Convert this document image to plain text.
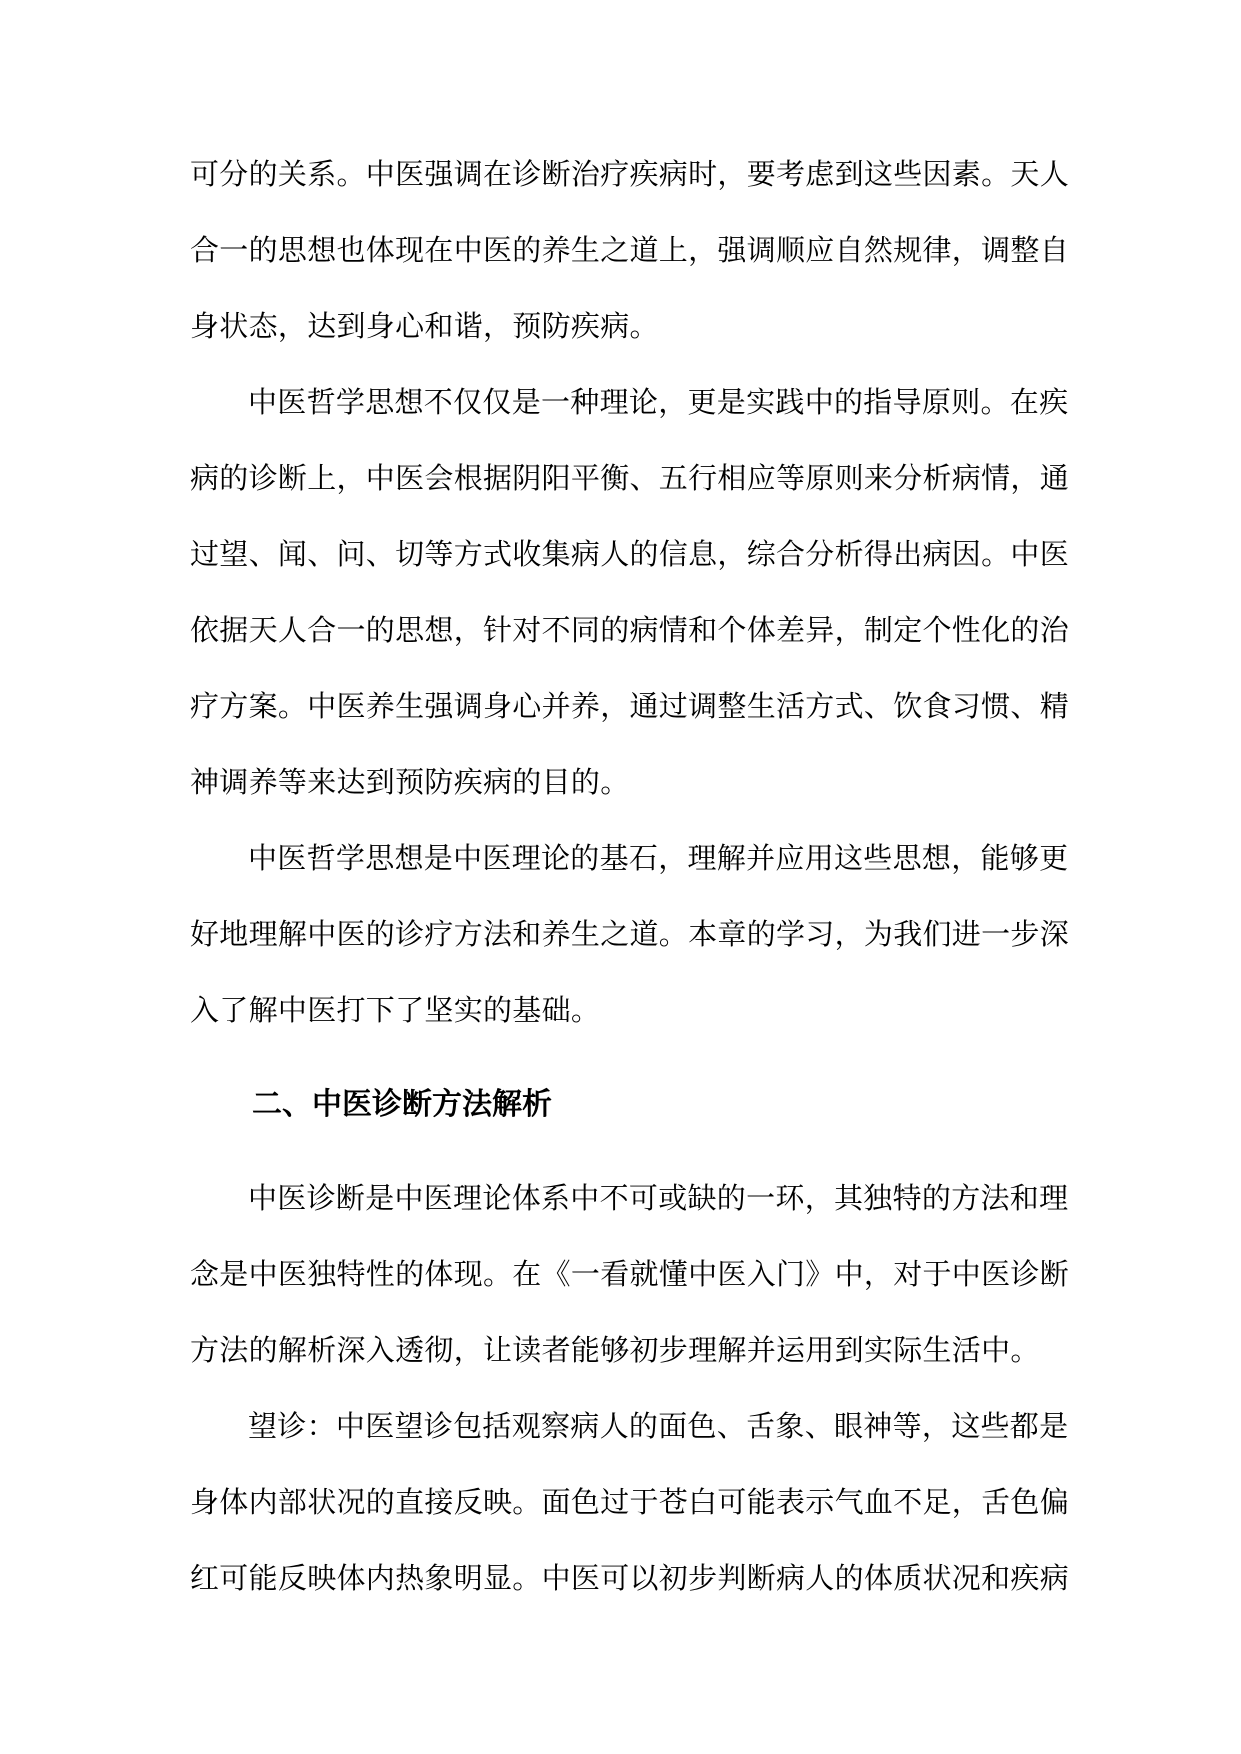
可分的关系。中医强调在诊断治疗疾病时，要考虑到这些因素。天人
合一的思想也体现在中医的养生之道上，强调顺应自然规律，调整自
身状态，达到身心和谐，预防疾病。
中医哲学思想不仅仅是一种理论，更是实践中的指导原则。在疾
病的诊断上，中医会根据阴阳平衡、五行相应等原则来分析病情，通
过望、闻、问、切等方式收集病人的信息，综合分析得出病因。中医
依据天人合一的思想，针对不同的病情和个体差异，制定个性化的治
疗方案。中医养生强调身心并养，通过调整生活方式、饮食习惯、精
神调养等来达到预防疾病的目的。
中医哲学思想是中医理论的基石，理解并应用这些思想，能够更
好地理解中医的诊疗方法和养生之道。本章的学习，为我们进一步深
入了解中医打下了坚实的基础。
二、中医诊断方法解析
中医诊断是中医理论体系中不可或缺的一环，其独特的方法和理
念是中医独特性的体现。在《一看就懂中医入门》中，对于中医诊断
方法的解析深入透彻，让读者能够初步理解并运用到实际生活中。
望诊：中医望诊包括观察病人的面色、舌象、眼神等，这些都是
身体内部状况的直接反映。面色过于苍白可能表示气血不足，舌色偏
红可能反映体内热象明显。中医可以初步判断病人的体质状况和疾病
